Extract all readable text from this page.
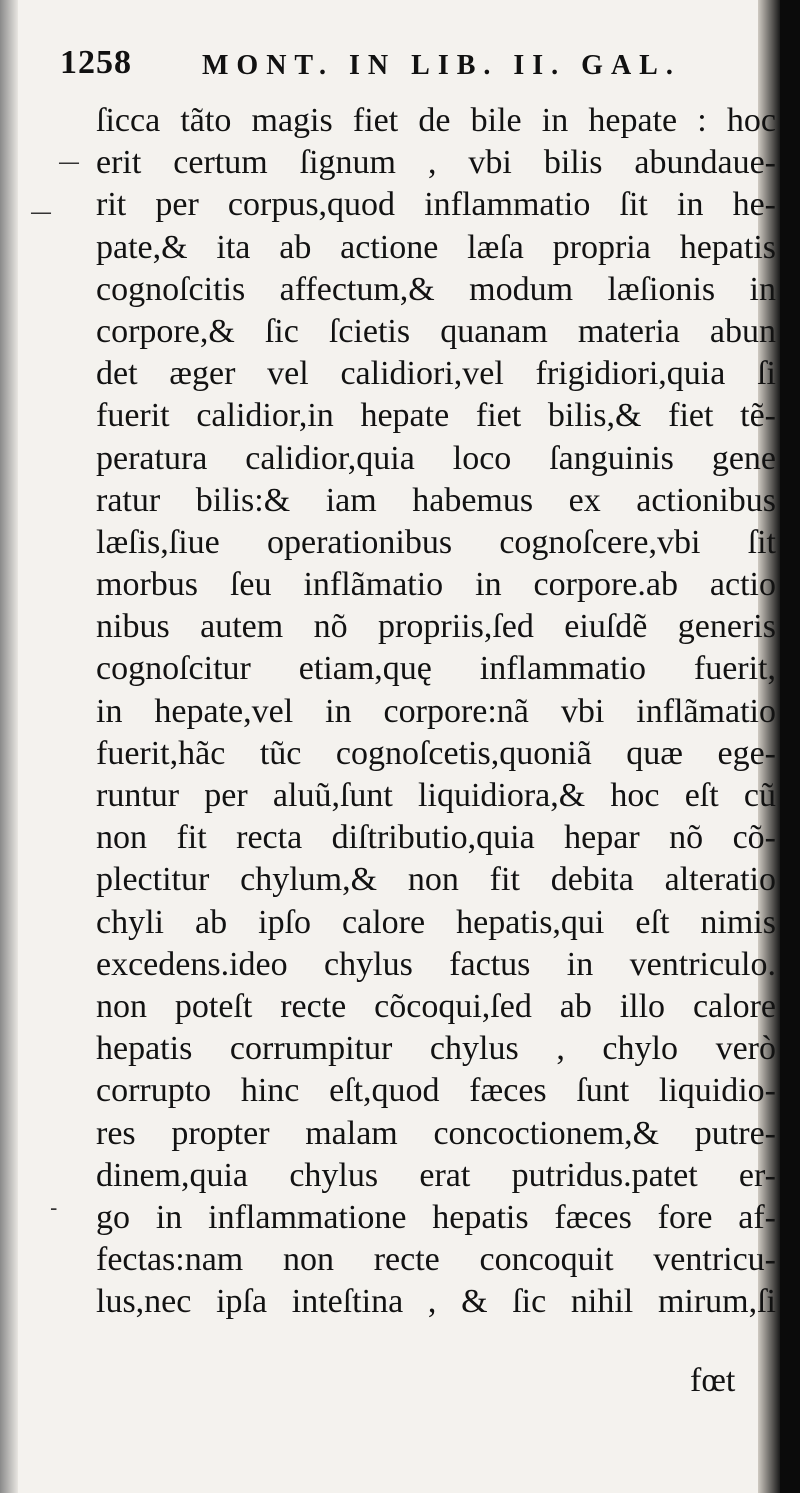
1258	MONT. IN LIB. II. GAL.
—
—
-
ſicca tãto magis fiet de bile in hepate : hoc
erit certum ſignum , vbi bilis abundaue-
rit per corpus,quod inflammatio ſit in he-
pate,& ita ab actione læſa propria hepatis
cognoſcitis affectum,& modum læſionis in
corpore,& ſic ſcietis quanam materia abun
det æger vel calidiori,vel frigidiori,quia ſi
fuerit calidior,in hepate fiet bilis,& fiet tẽ-
peratura calidior,quia loco ſanguinis gene
ratur bilis:& iam habemus ex actionibus
læſis,ſiue operationibus cognoſcere,vbi ſit
morbus ſeu inflãmatio in corpore.ab actio
nibus autem nõ propriis,ſed eiuſdẽ generis
cognoſcitur etiam,quę inflammatio fuerit,
in hepate,vel in corpore:nã vbi inflãmatio
fuerit,hãc tũc cognoſcetis,quoniã quæ ege-
runtur per aluũ,ſunt liquidiora,& hoc eſt cũ
non fit recta diſtributio,quia hepar nõ cõ-
plectitur chylum,& non fit debita alteratio
chyli ab ipſo calore hepatis,qui eſt nimis
excedens.ideo chylus factus in ventriculo.
non poteſt recte cõcoqui,ſed ab illo calore
hepatis corrumpitur chylus , chylo verò
corrupto hinc eſt,quod fæces ſunt liquidio-
res propter malam concoctionem,& putre-
dinem,quia chylus erat putridus.patet er-
go in inflammatione hepatis fæces fore af-
fectas:nam non recte concoquit ventricu-
lus,nec ipſa inteſtina , & ſic nihil mirum,ſi
fœt
